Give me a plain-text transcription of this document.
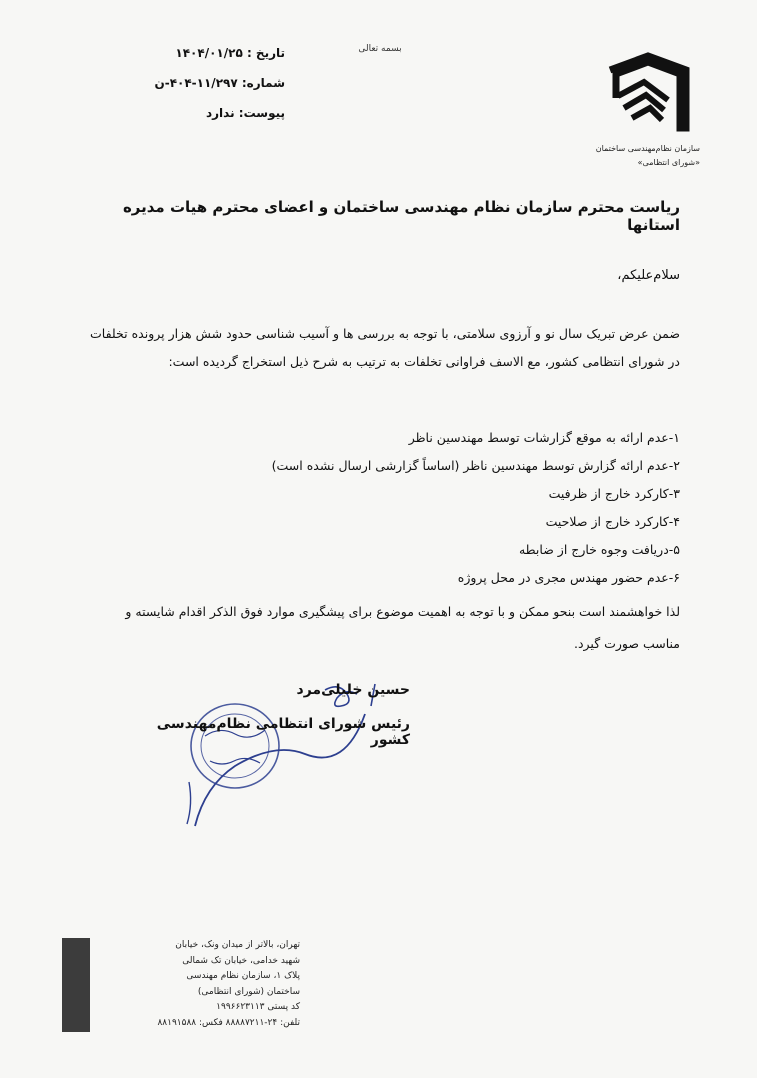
تاریخ : ۱۴۰۴/۰۱/۲۵
شماره: ۱۱/۲۹۷-۴۰۴-ن
پیوست: ندارد
بسمه تعالی
سازمان نظام‌مهندسی ساختمان
«شورای انتظامی»
ریاست محترم سازمان نظام مهندسی ساختمان و اعضای محترم هیات مدیره استانها
سلام‌علیکم،
ضمن عرض تبریک سال نو و آرزوی سلامتی، با توجه به بررسی ها و آسیب شناسی حدود شش هزار پرونده تخلفات در شورای انتظامی کشور، مع الاسف فراوانی تخلفات به ترتیب به شرح ذیل استخراج گردیده است:
۱-عدم ارائه به موقع گزارشات توسط مهندسین ناظر
۲-عدم ارائه گزارش توسط مهندسین ناظر (اساساً گزارشی ارسال نشده است)
۳-کارکرد خارج از ظرفیت
۴-کارکرد خارج از صلاحیت
۵-دریافت وجوه خارج از ضابطه
۶-عدم حضور مهندس مجری در محل پروژه
لذا خواهشمند است بنحو ممکن و با توجه به اهمیت موضوع برای پیشگیری موارد فوق الذکر اقدام شایسته و مناسب صورت گیرد.
حسین خلیلی‌مرد
رئیس شورای انتظامی نظام‌مهندسی کشور
تهران، بالاتر از میدان ونک، خیابان
شهید خدامی، خیابان تک شمالی
پلاک ۱، سازمان نظام مهندسی
ساختمان (شورای انتظامی)
کد پستی ۱۹۹۶۶۲۳۱۱۳
تلفن: ۲۴-۸۸۸۸۷۲۱۱ فکس: ۸۸۱۹۱۵۸۸
